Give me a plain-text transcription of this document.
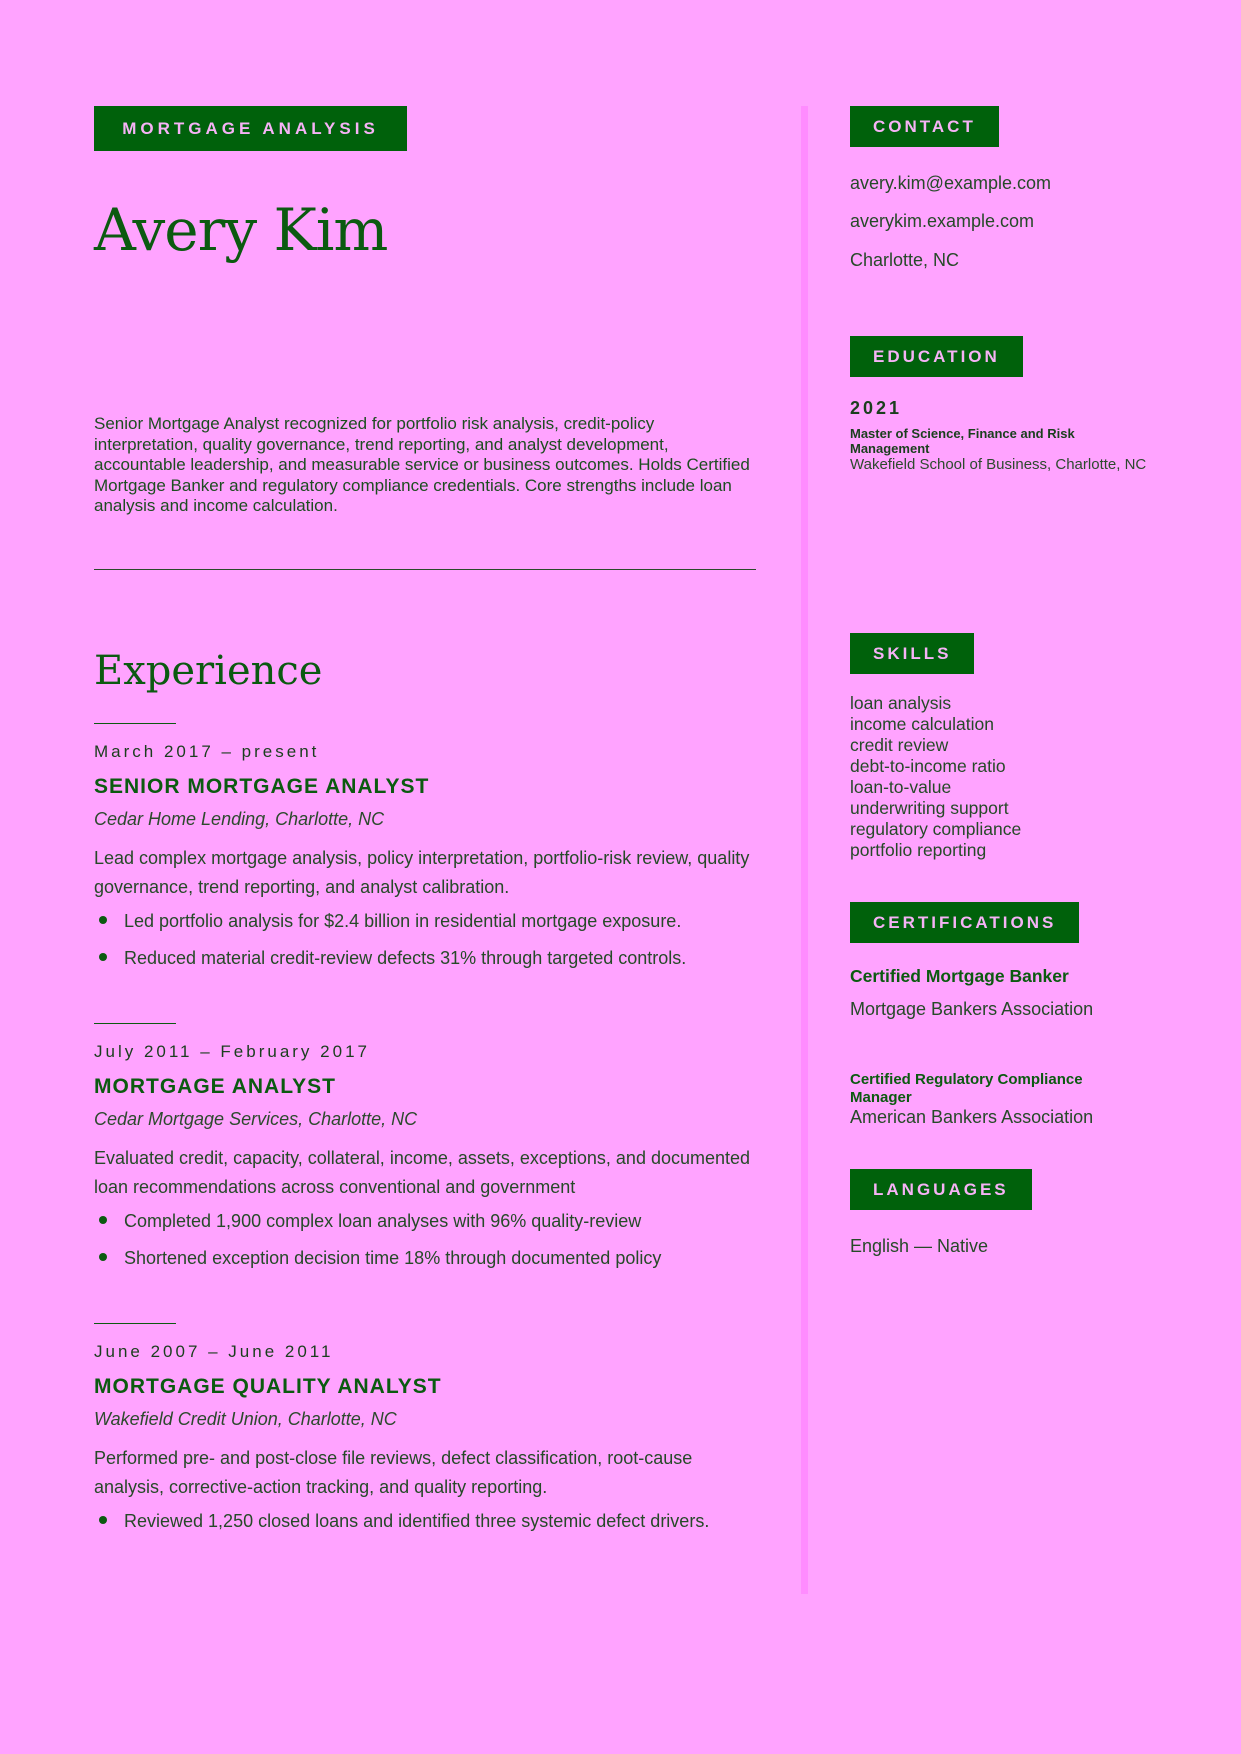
MORTGAGE ANALYSIS
Avery Kim
Senior Mortgage Analyst recognized for portfolio risk analysis, credit-policy interpretation, quality governance, trend reporting, and analyst development, accountable leadership, and measurable service or business outcomes. Holds Certified Mortgage Banker and regulatory compliance credentials. Core strengths include loan analysis and income calculation.
Experience
March 2017 – present
SENIOR MORTGAGE ANALYST
Cedar Home Lending, Charlotte, NC
Lead complex mortgage analysis, policy interpretation, portfolio-risk review, quality governance, trend reporting, and analyst calibration.
Led portfolio analysis for $2.4 billion in residential mortgage exposure.
Reduced material credit-review defects 31% through targeted controls.
July 2011 – February 2017
MORTGAGE ANALYST
Cedar Mortgage Services, Charlotte, NC
Evaluated credit, capacity, collateral, income, assets, exceptions, and documented loan recommendations across conventional and government
Completed 1,900 complex loan analyses with 96% quality-review
Shortened exception decision time 18% through documented policy
June 2007 – June 2011
MORTGAGE QUALITY ANALYST
Wakefield Credit Union, Charlotte, NC
Performed pre- and post-close file reviews, defect classification, root-cause analysis, corrective-action tracking, and quality reporting.
Reviewed 1,250 closed loans and identified three systemic defect drivers.
CONTACT
avery.kim@example.com
averykim.example.com
Charlotte, NC
EDUCATION
2021
Master of Science, Finance and Risk Management
Wakefield School of Business, Charlotte, NC
SKILLS
loan analysis
income calculation
credit review
debt-to-income ratio
loan-to-value
underwriting support
regulatory compliance
portfolio reporting
CERTIFICATIONS
Certified Mortgage Banker
Mortgage Bankers Association
Certified Regulatory Compliance Manager
American Bankers Association
LANGUAGES
English — Native
